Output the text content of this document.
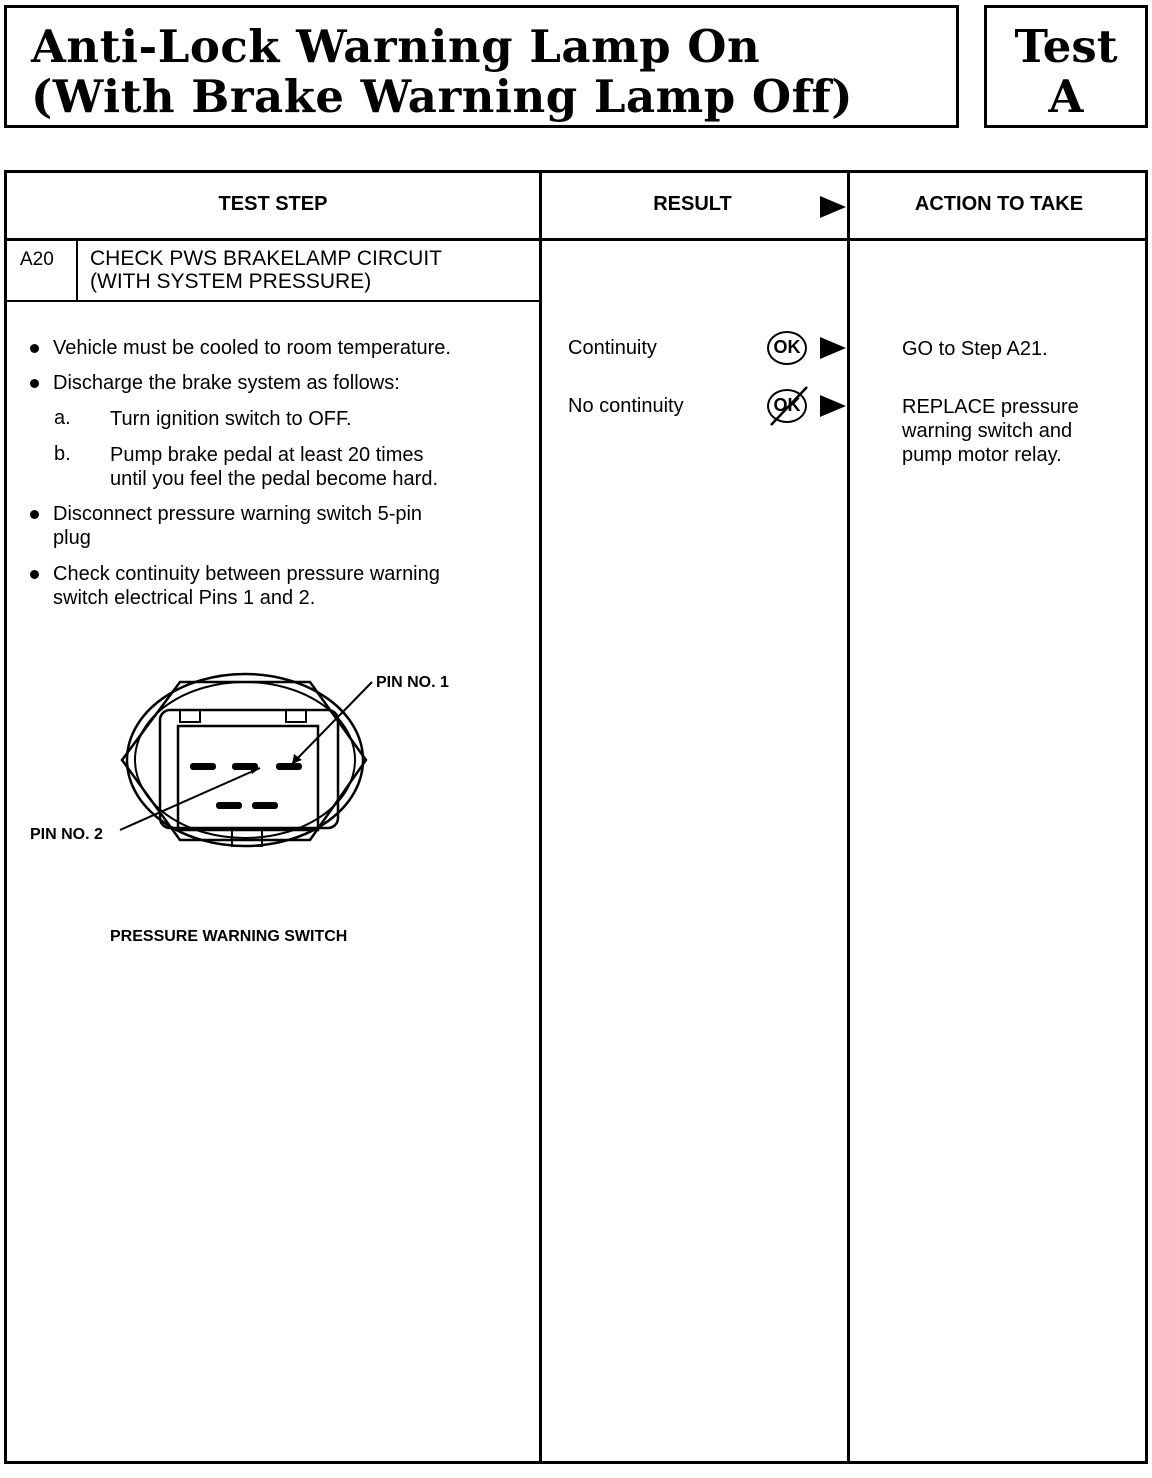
Anti-Lock Warning Lamp On
(With Brake Warning Lamp Off)
Test
A
TEST STEP	RESULT	ACTION TO TAKE
A20 CHECK PWS BRAKELAMP CIRCUIT
(WITH SYSTEM PRESSURE)
Vehicle must be cooled to room temperature.
Discharge the brake system as follows:
a. Turn ignition switch to OFF.
b. Pump brake pedal at least 20 times
until you feel the pedal become hard.
Disconnect pressure warning switch 5-pin
plug
Check continuity between pressure warning
switch electrical Pins 1 and 2.
PIN NO. 1
PIN NO. 2
PRESSURE WARNING SWITCH
Continuity	OK	GO to Step A21.
No continuity	OK	REPLACE pressure
warning switch and
pump motor relay.
